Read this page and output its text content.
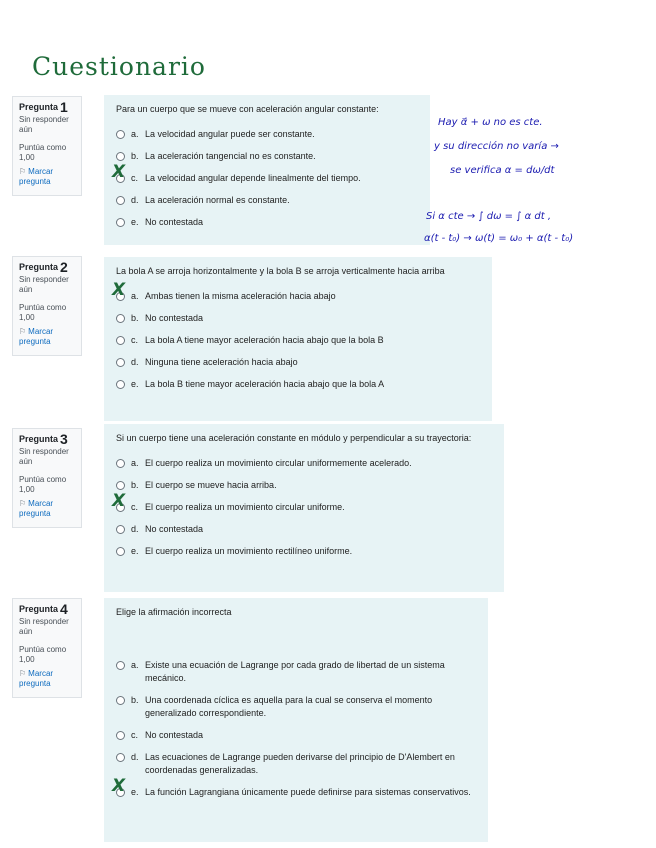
Cuestionario
Pregunta 1
Sin responder aún
Puntúa como 1,00
⚐ Marcar pregunta
Para un cuerpo que se mueve con aceleración angular constante:
a. La velocidad angular puede ser constante.
b. La aceleración tangencial no es constante.
X c. La velocidad angular depende linealmente del tiempo.
d. La aceleración normal es constante.
e. No contestada
Hay α⃗ + ω no es cte.
y su dirección no varía →
se verifica α = dω/dt
Si α cte → ∫ dω = ∫ α dt ,
α(t - t₀) → ω(t) = ω₀ + α(t - t₀)
Pregunta 2
Sin responder aún
Puntúa como 1,00
⚐ Marcar pregunta
La bola A se arroja horizontalmente y la bola B se arroja verticalmente hacia arriba
X a. Ambas tienen la misma aceleración hacia abajo
b. No contestada
c. La bola A tiene mayor aceleración hacia abajo que la bola B
d. Ninguna tiene aceleración hacia abajo
e. La bola B tiene mayor aceleración hacia abajo que la bola A
Pregunta 3
Sin responder aún
Puntúa como 1,00
⚐ Marcar pregunta
Si un cuerpo tiene una aceleración constante en módulo y perpendicular a su trayectoria:
a. El cuerpo realiza un movimiento circular uniformemente acelerado.
b. El cuerpo se mueve hacia arriba.
X c. El cuerpo realiza un movimiento circular uniforme.
d. No contestada
e. El cuerpo realiza un movimiento rectilíneo uniforme.
Pregunta 4
Sin responder aún
Puntúa como 1,00
⚐ Marcar pregunta
Elige la afirmación incorrecta
a. Existe una ecuación de Lagrange por cada grado de libertad de un sistema mecánico.
b. Una coordenada cíclica es aquella para la cual se conserva el momento generalizado correspondiente.
c. No contestada
d. Las ecuaciones de Lagrange pueden derivarse del principio de D'Alembert en coordenadas generalizadas.
X e. La función Lagrangiana únicamente puede definirse para sistemas conservativos.
